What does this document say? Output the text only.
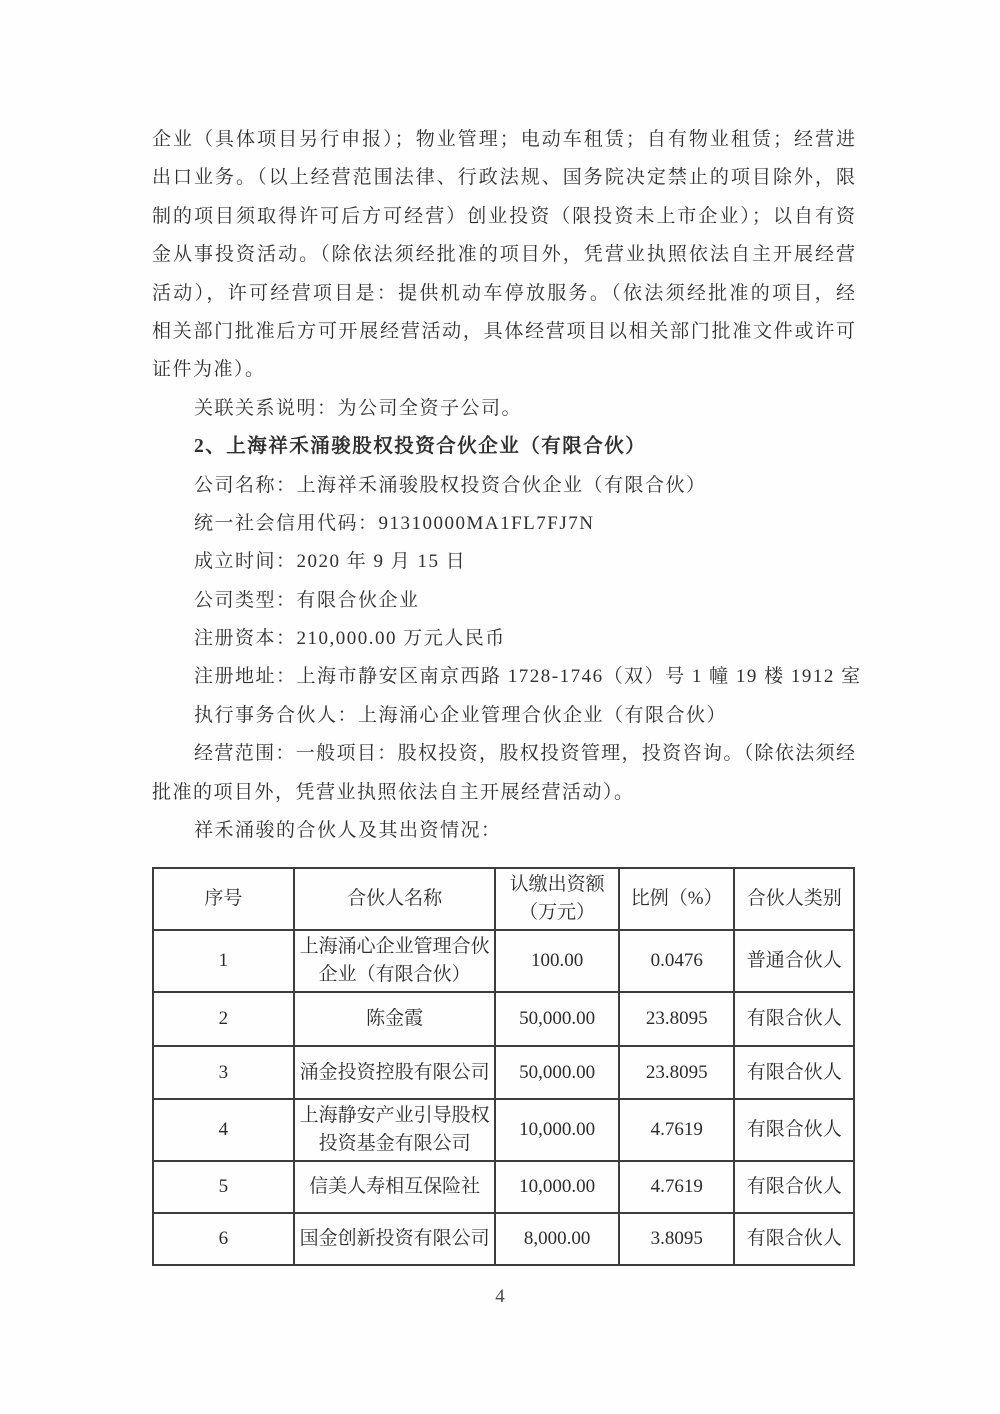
企业（具体项目另行申报）；物业管理；电动车租赁；自有物业租赁；经营进
出口业务。（以上经营范围法律、行政法规、国务院决定禁止的项目除外，限
制的项目须取得许可后方可经营）创业投资（限投资未上市企业）；以自有资
金从事投资活动。（除依法须经批准的项目外，凭营业执照依法自主开展经营
活动），许可经营项目是：提供机动车停放服务。（依法须经批准的项目，经
相关部门批准后方可开展经营活动，具体经营项目以相关部门批准文件或许可
证件为准）。
关联关系说明：为公司全资子公司。
2、上海祥禾涌骏股权投资合伙企业（有限合伙）
公司名称：上海祥禾涌骏股权投资合伙企业（有限合伙）
统一社会信用代码：91310000MA1FL7FJ7N
成立时间：2020 年 9 月 15 日
公司类型：有限合伙企业
注册资本：210,000.00 万元人民币
注册地址：上海市静安区南京西路 1728-1746（双）号 1 幢 19 楼 1912 室
执行事务合伙人：上海涌心企业管理合伙企业（有限合伙）
经营范围：一般项目：股权投资，股权投资管理，投资咨询。（除依法须经
批准的项目外，凭营业执照依法自主开展经营活动）。
祥禾涌骏的合伙人及其出资情况：
序号	合伙人名称	认缴出资额（万元）	比例（%）	合伙人类别
1	上海涌心企业管理合伙企业（有限合伙）	100.00	0.0476	普通合伙人
2	陈金霞	50,000.00	23.8095	有限合伙人
3	涌金投资控股有限公司	50,000.00	23.8095	有限合伙人
4	上海静安产业引导股权投资基金有限公司	10,000.00	4.7619	有限合伙人
5	信美人寿相互保险社	10,000.00	4.7619	有限合伙人
6	国金创新投资有限公司	8,000.00	3.8095	有限合伙人
4
